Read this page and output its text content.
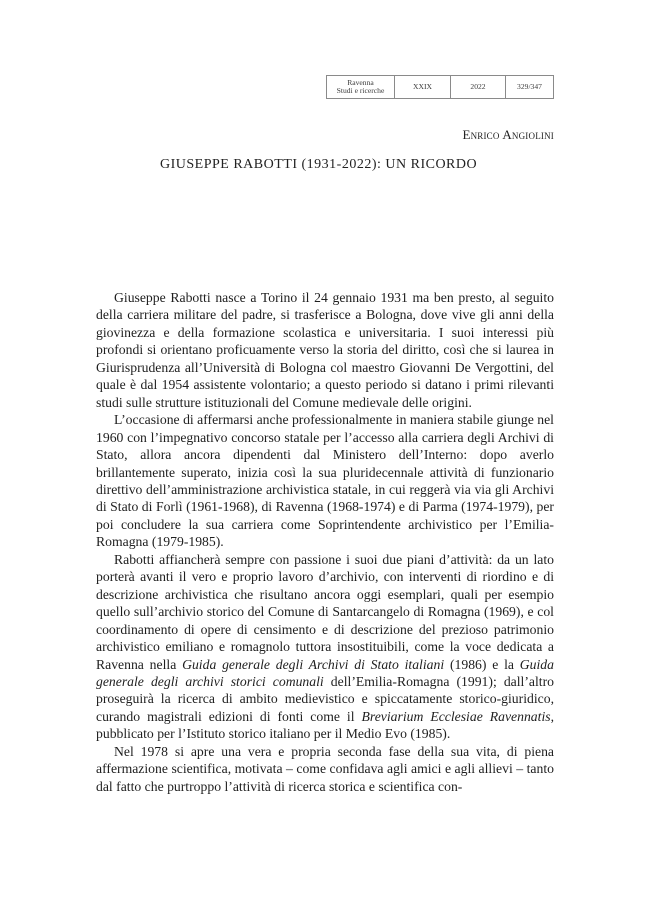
Ravenna
Studi e ricerche	XXIX	2022	329/347
Enrico Angiolini
GIUSEPPE RABOTTI (1931-2022): UN RICORDO

Giuseppe Rabotti nasce a Torino il 24 gennaio 1931 ma ben presto, al seguito della carriera militare del padre, si trasferisce a Bologna, dove vive gli anni della giovinezza e della formazione scolastica e universitaria. I suoi interessi più profondi si orientano proficuamente verso la storia del diritto, così che si laurea in Giurisprudenza all’Università di Bologna col maestro Giovanni De Vergottini, del quale è dal 1954 assistente volontario; a questo periodo si datano i primi rilevanti studi sulle strutture istituzionali del Comune medievale delle origini.

L’occasione di affermarsi anche professionalmente in maniera stabile giunge nel 1960 con l’impegnativo concorso statale per l’accesso alla carriera degli Archivi di Stato, allora ancora dipendenti dal Ministero dell’Interno: dopo averlo brillantemente superato, inizia così la sua pluridecennale attività di funzionario direttivo dell’amministrazione archivistica statale, in cui reggerà via via gli Archivi di Stato di Forlì (1961-1968), di Ravenna (1968-1974) e di Parma (1974-1979), per poi concludere la sua carriera come Soprintendente archivistico per l’Emilia-Romagna (1979-1985).

Rabotti affiancherà sempre con passione i suoi due piani d’attività: da un lato porterà avanti il vero e proprio lavoro d’archivio, con interventi di riordino e di descrizione archivistica che risultano ancora oggi esemplari, quali per esempio quello sull’archivio storico del Comune di Santarcangelo di Romagna (1969), e col coordinamento di opere di censimento e di descrizione del prezioso patrimonio archivistico emiliano e romagnolo tuttora insostituibili, come la voce dedicata a Ravenna nella Guida generale degli Archivi di Stato italiani (1986) e la Guida generale degli archivi storici comunali dell’Emilia-Romagna (1991); dall’altro proseguirà la ricerca di ambito medievistico e spiccatamente storico-giuridico, curando magistrali edizioni di fonti come il Breviarium Ecclesiae Ravennatis, pubblicato per l’Istituto storico italiano per il Medio Evo (1985).

Nel 1978 si apre una vera e propria seconda fase della sua vita, di piena affermazione scientifica, motivata – come confidava agli amici e agli allievi – tanto dal fatto che purtroppo l’attività di ricerca storica e scientifica con-
